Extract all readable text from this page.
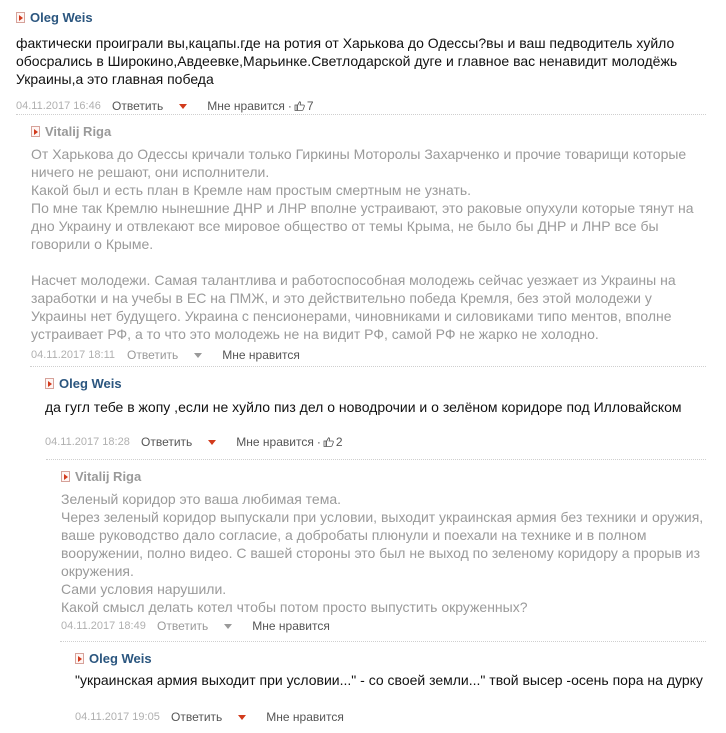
Oleg Weis

фактически проиграли вы,кацапы.где на ротия от Харькова до Одессы?вы и ваш педводитель хуйло обосрались в Широкино,Авдеевке,Марьинке.Светлодарской дуге и главное вас ненавидит молодёжь Украины,а это главная победа

04.11.2017 16:46 Ответить	Мне нравится · 7
Vitalij Riga

От Харькова до Одессы кричали только Гиркины Моторолы Захарченко и прочие товарищи которые ничего не решают, они исполнители.
Какой был и есть план в Кремле нам простым смертным не узнать.
По мне так Кремлю нынешние ДНР и ЛНР вполне устраивают, это раковые опухули которые тянут на дно Украину и отвлекают все мировое общество от темы Крыма, не было бы ДНР и ЛНР все бы говорили о Крыме.

Насчет молодежи. Самая талантлива и работоспособная молодежь сейчас уезжает из Украины на заработки и на учебы в ЕС на ПМЖ, и это действительно победа Кремля, без этой молодежи у Украины нет будущего. Украина с пенсионерами, чиновниками и силовиками типо ментов, вполне устраивает РФ, а то что это молодежь не на видит РФ, самой РФ не жарко не холодно.

04.11.2017 18:11 Ответить	Мне нравится
Oleg Weis

да гугл тебе в жопу ,если не хуйло пиз дел о новодрочии и о зелёном коридоре под Илловайском

04.11.2017 18:28 Ответить	Мне нравится · 2
Vitalij Riga

Зеленый коридор это ваша любимая тема.
Через зеленый коридор выпускали при условии, выходит украинская армия без техники и оружия, ваше руководство дало согласие, а добробаты плюнули и поехали на технике и в полном вооружении, полно видео. С вашей стороны это был не выход по зеленому коридору а прорыв из окружения.
Сами условия нарушили.
Какой смысл делать котел чтобы потом просто выпустить окруженных?

04.11.2017 18:49 Ответить	Мне нравится
Oleg Weis

"украинская армия выходит при условии..." - со своей земли..." твой высер -осень пора на дурку

04.11.2017 19:05 Ответить	Мне нравится
